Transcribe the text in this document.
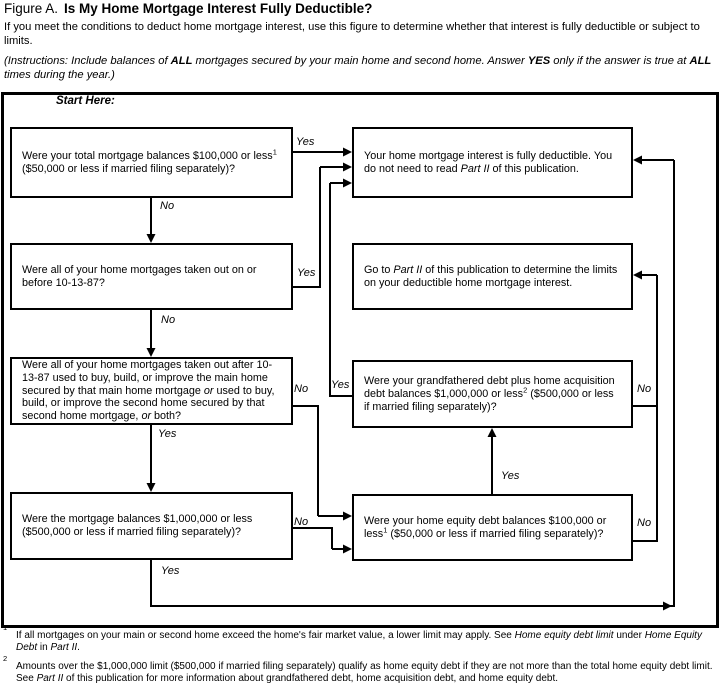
Figure A. Is My Home Mortgage Interest Fully Deductible?
If you meet the conditions to deduct home mortgage interest, use this figure to determine whether that interest is fully deductible or subject to limits.
(Instructions: Include balances of ALL mortgages secured by your main home and second home. Answer YES only if the answer is true at ALL times during the year.)
Start Here:
Were your total mortgage balances $100,000 or less$^1$ ($50,000 or less if married filing separately)?
Your home mortgage interest is fully deductible. You do not need to read Part II of this publication.
Were all of your home mortgages taken out on or before 10-13-87?
Go to Part II of this publication to determine the limits on your deductible home mortgage interest.
Were all of your home mortgages taken out after 10-13-87 used to buy, build, or improve the main home secured by that main home mortgage or used to buy, build, or improve the second home secured by that second home mortgage, or both?
Were your grandfathered debt plus home acquisition debt balances $1,000,000 or less$^2$ ($500,000 or less if married filing separately)?
Were the mortgage balances $1,000,000 or less ($500,000 or less if married filing separately)?
Were your home equity debt balances $100,000 or less$^1$ ($50,000 or less if married filing separately)?
Yes
No
Yes
No
No Yes
Yes
No
Yes
Yes
No
No
If all mortgages on your main or second home exceed the home's fair market value, a lower limit may apply. See Home equity debt limit under Home Equity Debt in Part II.
2
Amounts over the $1,000,000 limit ($500,000 if married filing separately) qualify as home equity debt if they are not more than the total home equity debt limit. See Part II of this publication for more information about grandfathered debt, home acquisition debt, and home equity debt.
